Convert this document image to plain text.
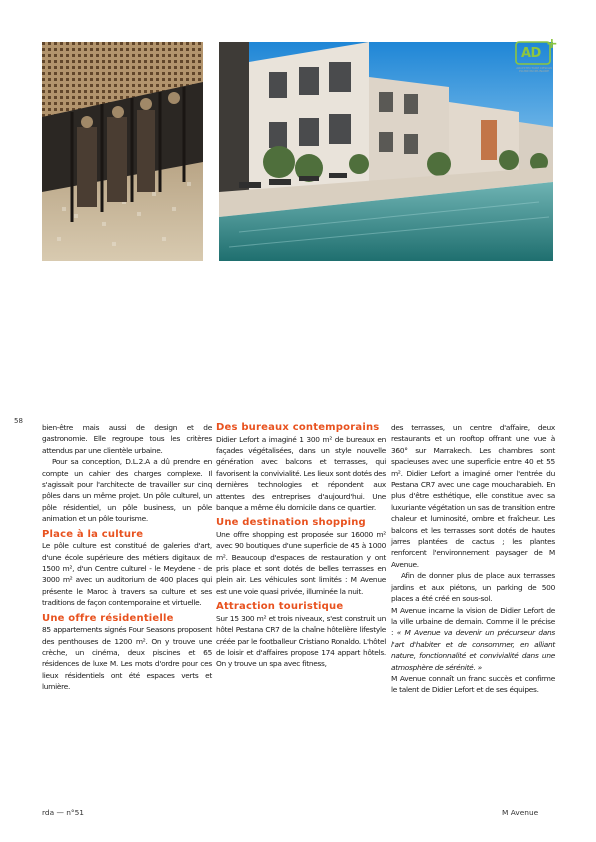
AD
+
ARCHITECTURE DESIGN PLURIDISCIPLINAIRE
58

bien-être mais aussi de design et de gastronomie. Elle regroupe tous les critères attendus par une clientèle urbaine.

Pour sa conception, D.L.2.A a dû prendre en compte un cahier des charges complexe. Il s'agissait pour l'architecte de travailler sur cinq pôles dans un même projet. Un pôle culturel, un pôle résidentiel, un pôle business, un pôle animation et un pôle tourisme.

Place à la culture

Le pôle culture est constitué de galeries d'art, d'une école supérieure des métiers digitaux de 1500 m², d'un Centre culturel - le Meydene - de 3000 m² avec un auditorium de 400 places qui présente le Maroc à travers sa culture et ses traditions de façon contemporaine et virtuelle.

Une offre résidentielle

85 appartements signés Four Seasons proposent des penthouses de 1200 m². On y trouve une crèche, un cinéma, deux piscines et 65 résidences de luxe M. Les mots d'ordre pour ces lieux résidentiels ont été espaces verts et lumière.

Des bureaux contemporains

Didier Lefort a imaginé 1 300 m² de bureaux en façades végétalisées, dans un style nouvelle génération avec balcons et terrasses, qui favorisent la convivialité. Les lieux sont dotés des dernières technologies et répondent aux attentes des entreprises d'aujourd'hui. Une banque a même élu domicile dans ce quartier.

Une destination shopping

Une offre shopping est proposée sur 16000 m² avec 90 boutiques d'une superficie de 45 à 1000 m². Beaucoup d'espaces de restauration y ont pris place et sont dotés de belles terrasses en plein air. Les véhicules sont limités : M Avenue est une voie quasi privée, illuminée la nuit.

Attraction touristique

Sur 15 300 m² et trois niveaux, s'est construit un hôtel Pestana CR7 de la chaîne hôtelière lifestyle créée par le footballeur Cristiano Ronaldo. L'hôtel de loisir et d'affaires propose 174 appart hôtels. On y trouve un spa avec fitness,

des terrasses, un centre d'affaire, deux restaurants et un rooftop offrant une vue à 360° sur Marrakech. Les chambres sont spacieuses avec une superficie entre 40 et 55 m². Didier Lefort a imaginé orner l'entrée du Pestana CR7 avec une cage moucharabieh. En plus d'être esthétique, elle constitue avec sa luxuriante végétation un sas de transition entre chaleur et luminosité, ombre et fraîcheur. Les balcons et les terrasses sont dotés de hautes jarres plantées de cactus ; les plantes renforcent l'environnement paysager de M Avenue.

Afin de donner plus de place aux terrasses jardins et aux piétons, un parking de 500 places a été créé en sous-sol.

M Avenue incarne la vision de Didier Lefort de la ville urbaine de demain. Comme il le précise : « M Avenue va devenir un précurseur dans l'art d'habiter et de consommer, en alliant nature, fonctionnalité et convivialité dans une atmosphère de sérénité. »

M Avenue connaît un franc succès et confirme le talent de Didier Lefort et de ses équipes.

rda — n°51	M Avenue
